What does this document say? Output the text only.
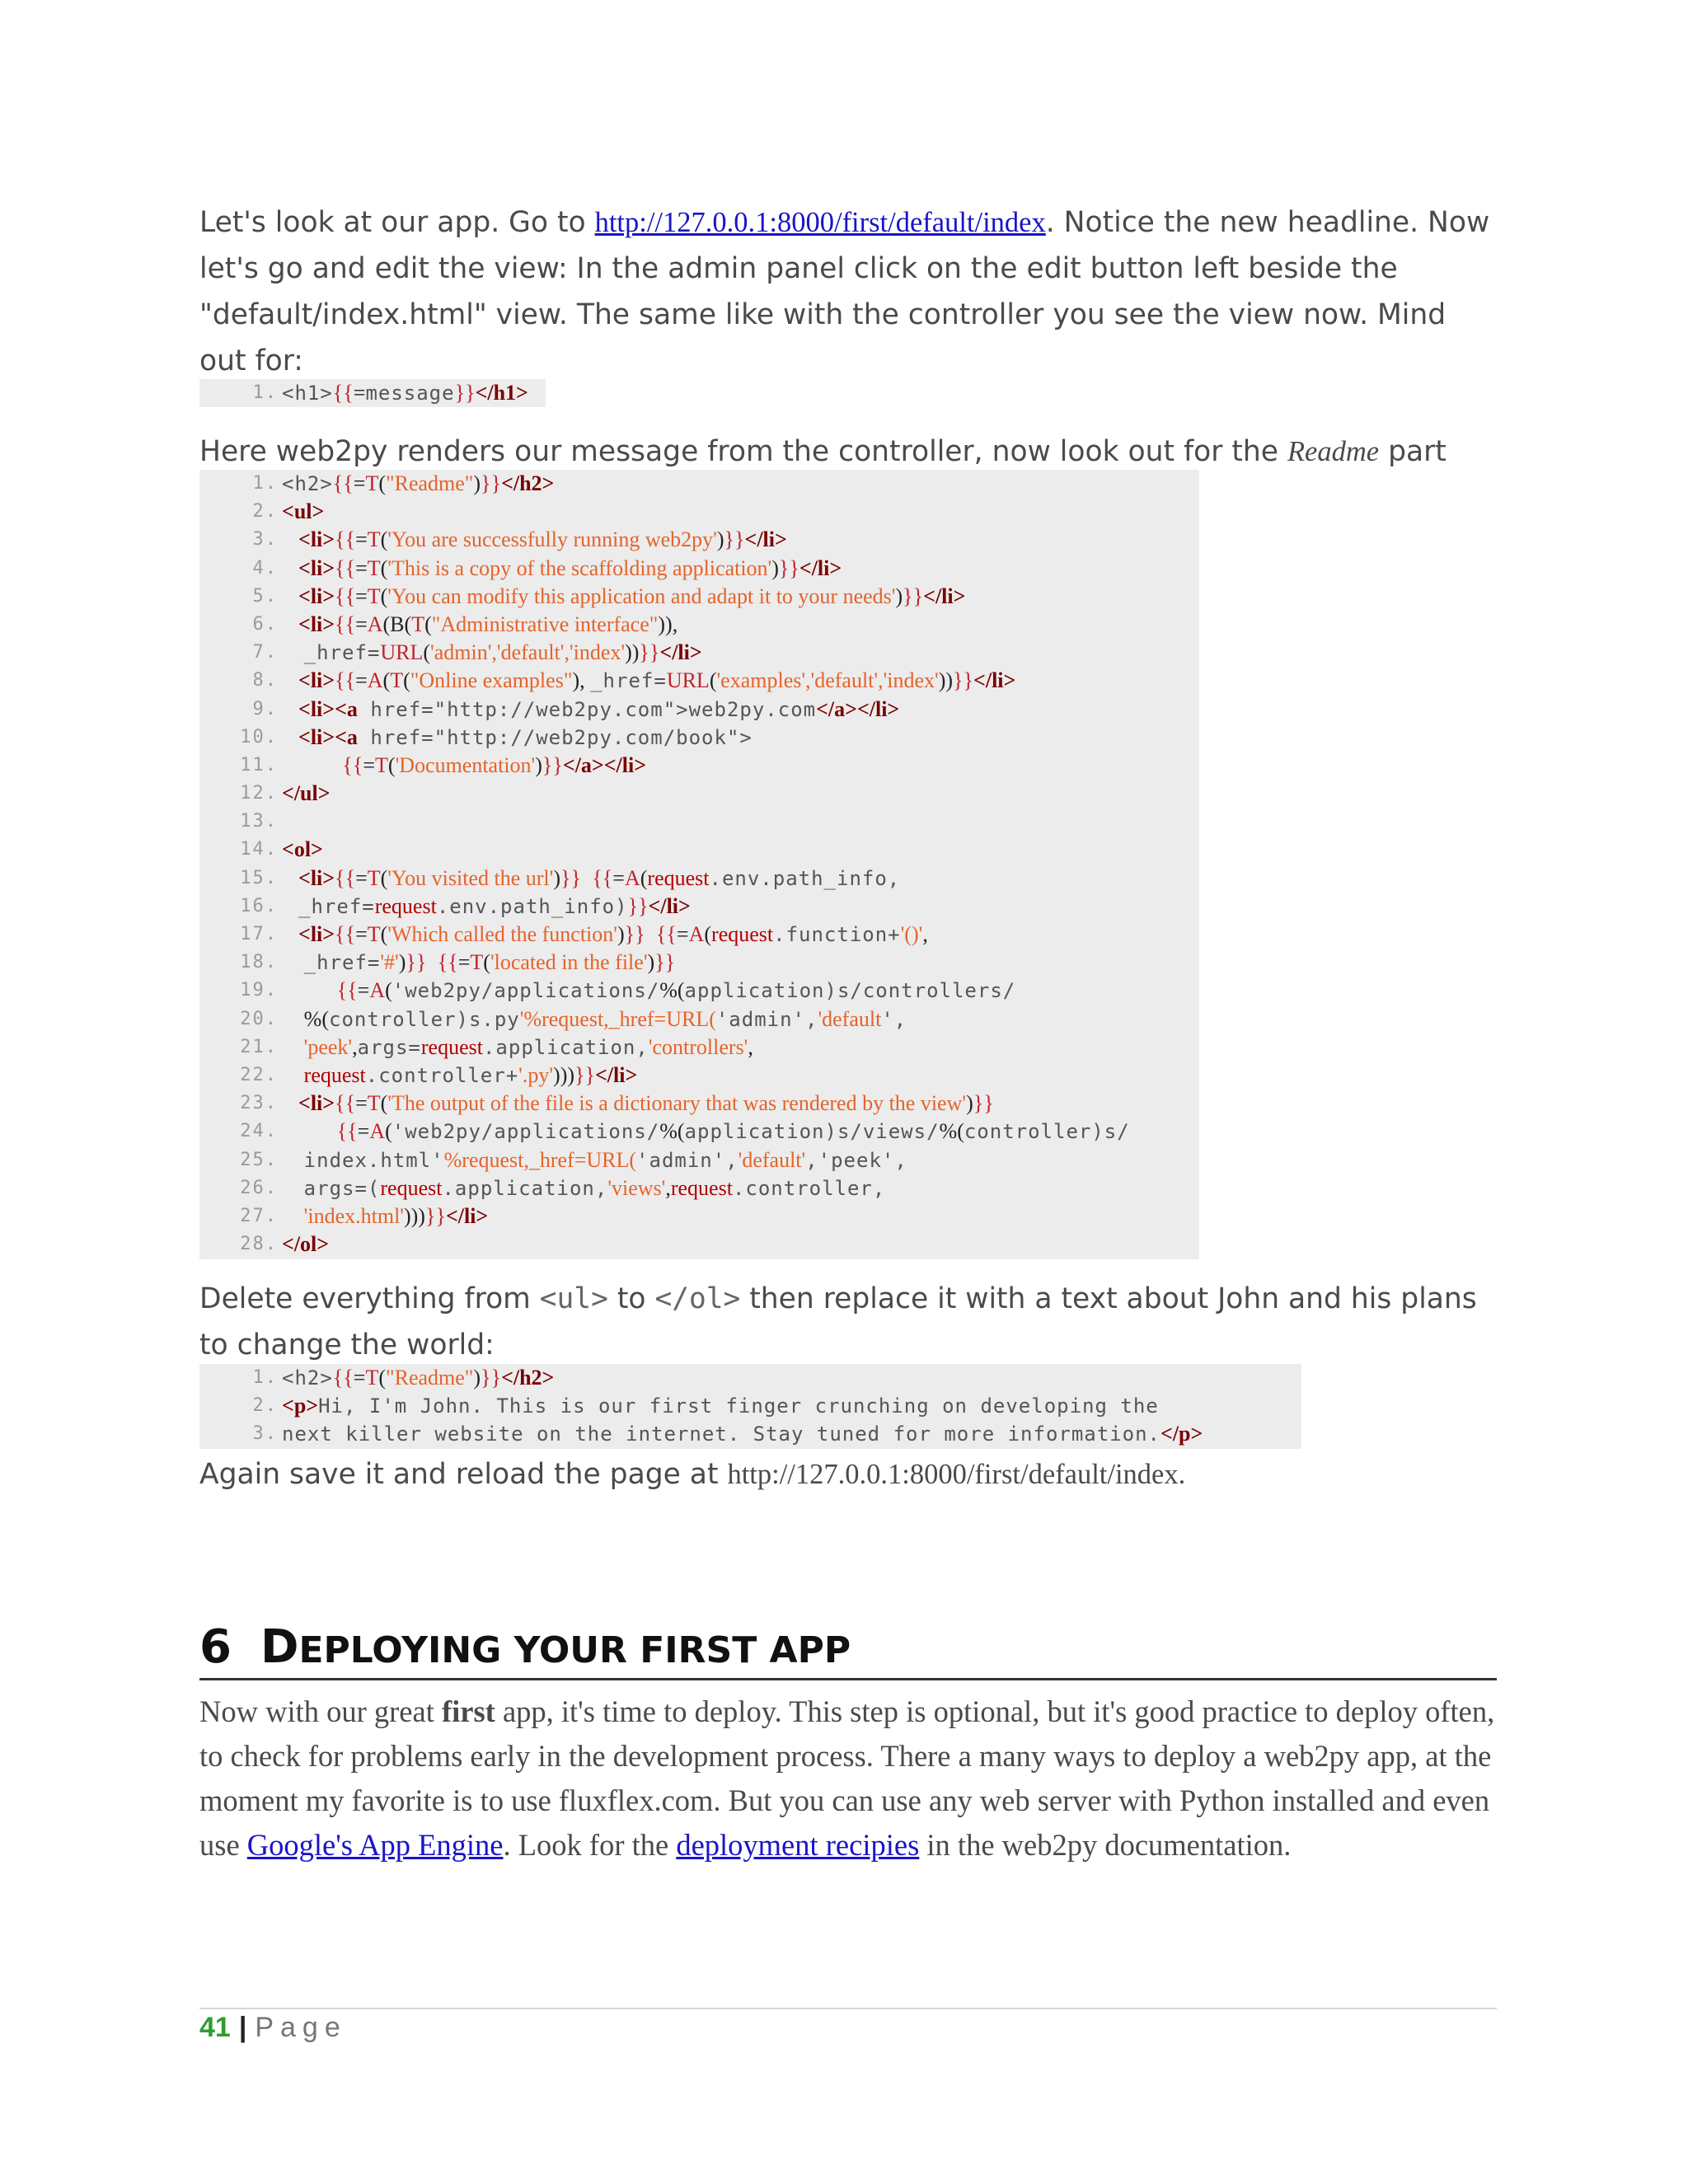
Let's look at our app. Go to http://127.0.0.1:8000/first/default/index. Notice the new headline. Now let's go and edit the view: In the admin panel click on the edit button left beside the "default/index.html" view. The same like with the controller you see the view now. Mind out for:

1. <h1>{{=message}}</h1>

Here web2py renders our message from the controller, now look out for the Readme part

1. <h2>{{=T("Readme")}}</h2>
2. <ul>
3. <li>{{=T('You are successfully running web2py')}}</li>
4. <li>{{=T('This is a copy of the scaffolding application')}}</li>
5. <li>{{=T('You can modify this application and adapt it to your needs')}}</li>
6. <li>{{=A(B(T("Administrative interface")),
7.	_href=URL('admin','default','index'))}}</li>
8. <li>{{=A(T("Online examples"), _href=URL('examples','default','index'))}}</li>
9. <li><a href="http://web2py.com">web2py.com</a></li>
10. <li><a href="http://web2py.com/book">
11.	{{=T('Documentation')}}</a></li>
12. </ul>
13.
14. <ol>
15. <li>{{=T('You visited the url')}} {{=A(request.env.path_info,
16.	_href=request.env.path_info)}}</li>
17. <li>{{=T('Which called the function')}} {{=A(request.function+'()',
18.	_href='#')}} {{=T('located in the file')}}
19.	{{=A('web2py/applications/%(application)s/controllers/
20.	%(controller)s.py'%request,_href=URL('admin','default',
21.	'peek',args=request.application,'controllers',
22.	request.controller+'.py')))}}</li>
23. <li>{{=T('The output of the file is a dictionary that was rendered by the view')}}
24.	{{=A('web2py/applications/%(application)s/views/%(controller)s/
25.	index.html'%request,_href=URL('admin','default','peek',
26.	args=(request.application,'views',request.controller,
27.	'index.html')))}}</li>
28. </ol>

Delete everything from <ul> to </ol> then replace it with a text about John and his plans to change the world:

1. <h2>{{=T("Readme")}}</h2>
2. <p>Hi, I'm John. This is our first finger crunching on developing the
3. next killer website on the internet. Stay tuned for more information.</p>

Again save it and reload the page at http://127.0.0.1:8000/first/default/index.

6 DEPLOYING YOUR FIRST APP

Now with our great first app, it's time to deploy. This step is optional, but it's good practice to deploy often, to check for problems early in the development process. There a many ways to deploy a web2py app, at the moment my favorite is to use fluxflex.com. But you can use any web server with Python installed and even use Google's App Engine. Look for the deployment recipies in the web2py documentation.

41 | Page
